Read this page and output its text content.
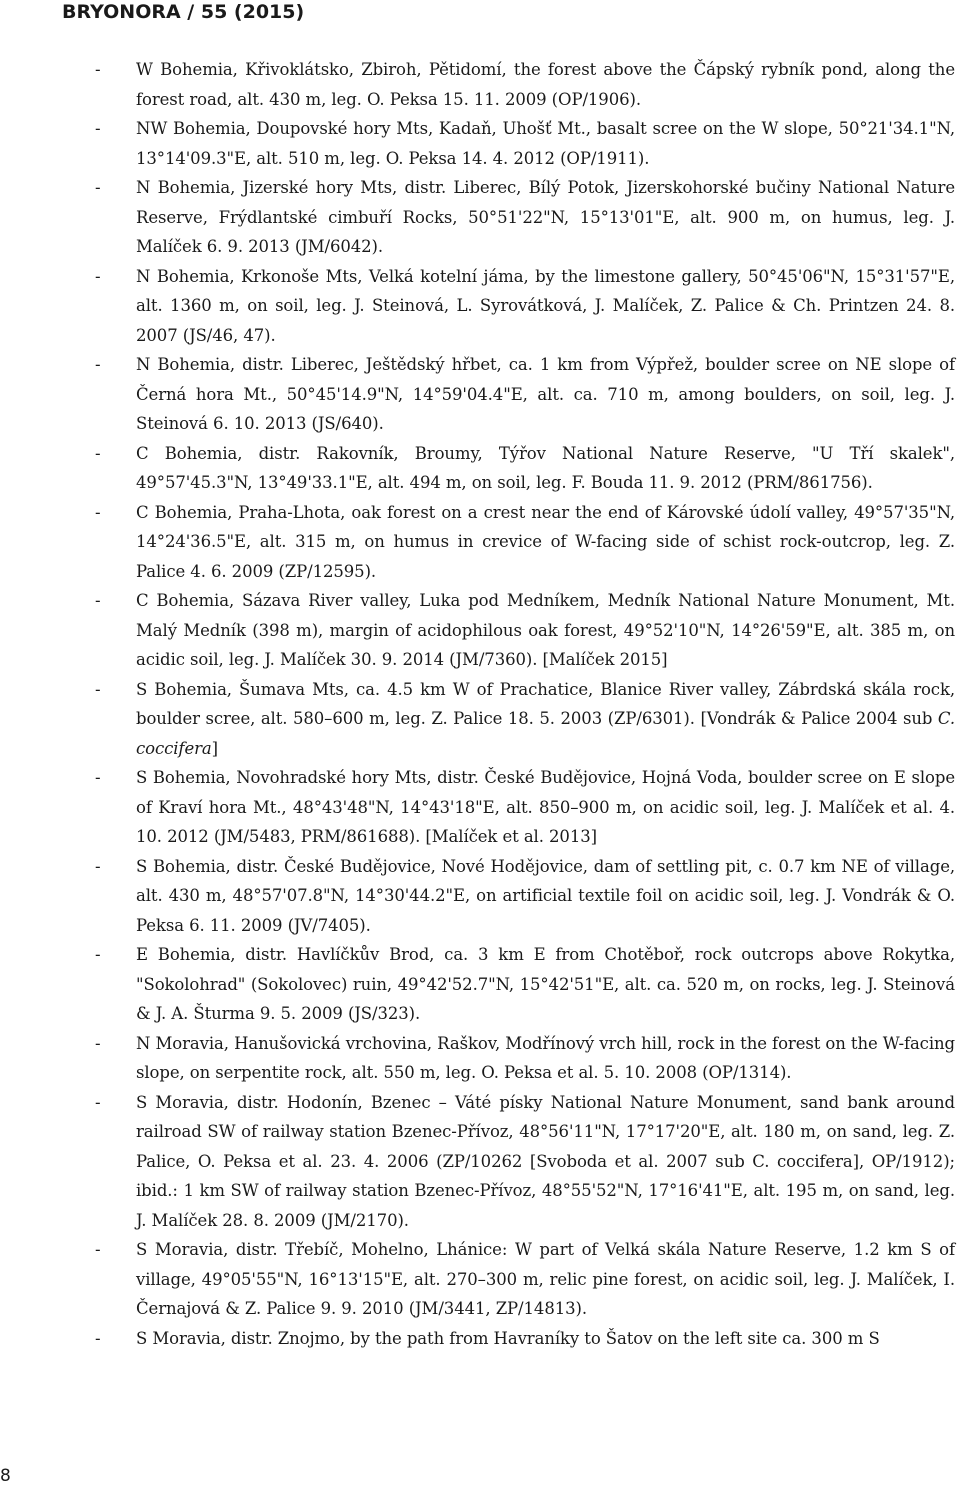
BRYONORA / 55 (2015)
- W Bohemia, Křivoklátsko, Zbiroh, Pětidomí, the forest above the Čápský rybník pond, along the forest road, alt. 430 m, leg. O. Peksa 15. 11. 2009 (OP/1906).
- NW Bohemia, Doupovské hory Mts, Kadaň, Uhošť Mt., basalt scree on the W slope, 50°21'34.1"N, 13°14'09.3"E, alt. 510 m, leg. O. Peksa 14. 4. 2012 (OP/1911).
- N Bohemia, Jizerské hory Mts, distr. Liberec, Bílý Potok, Jizerskohorské bučiny National Nature Reserve, Frýdlantské cimbuří Rocks, 50°51'22"N, 15°13'01"E, alt. 900 m, on humus, leg. J. Malíček 6. 9. 2013 (JM/6042).
- N Bohemia, Krkonoše Mts, Velká kotelní jáma, by the limestone gallery, 50°45'06"N, 15°31'57"E, alt. 1360 m, on soil, leg. J. Steinová, L. Syrovátková, J. Malíček, Z. Palice & Ch. Printzen 24. 8. 2007 (JS/46, 47).
- N Bohemia, distr. Liberec, Ještědský hřbet, ca. 1 km from Výpřež, boulder scree on NE slope of Černá hora Mt., 50°45'14.9"N, 14°59'04.4"E, alt. ca. 710 m, among boulders, on soil, leg. J. Steinová 6. 10. 2013 (JS/640).
- C Bohemia, distr. Rakovník, Broumy, Týřov National Nature Reserve, "U Tří skalek", 49°57'45.3"N, 13°49'33.1"E, alt. 494 m, on soil, leg. F. Bouda 11. 9. 2012 (PRM/861756).
- C Bohemia, Praha-Lhota, oak forest on a crest near the end of Károvské údolí valley, 49°57'35"N, 14°24'36.5"E, alt. 315 m, on humus in crevice of W-facing side of schist rock-outcrop, leg. Z. Palice 4. 6. 2009 (ZP/12595).
- C Bohemia, Sázava River valley, Luka pod Medníkem, Medník National Nature Monument, Mt. Malý Medník (398 m), margin of acidophilous oak forest, 49°52'10"N, 14°26'59"E, alt. 385 m, on acidic soil, leg. J. Malíček 30. 9. 2014 (JM/7360). [Malíček 2015]
- S Bohemia, Šumava Mts, ca. 4.5 km W of Prachatice, Blanice River valley, Zábrdská skála rock, boulder scree, alt. 580–600 m, leg. Z. Palice 18. 5. 2003 (ZP/6301). [Vondrák & Palice 2004 sub C. coccifera]
- S Bohemia, Novohradské hory Mts, distr. České Budějovice, Hojná Voda, boulder scree on E slope of Kraví hora Mt., 48°43'48"N, 14°43'18"E, alt. 850–900 m, on acidic soil, leg. J. Malíček et al. 4. 10. 2012 (JM/5483, PRM/861688). [Malíček et al. 2013]
- S Bohemia, distr. České Budějovice, Nové Hodějovice, dam of settling pit, c. 0.7 km NE of village, alt. 430 m, 48°57'07.8"N, 14°30'44.2"E, on artificial textile foil on acidic soil, leg. J. Vondrák & O. Peksa 6. 11. 2009 (JV/7405).
- E Bohemia, distr. Havlíčkův Brod, ca. 3 km E from Chotěboř, rock outcrops above Rokytka, "Sokolohrad" (Sokolovec) ruin, 49°42'52.7"N, 15°42'51"E, alt. ca. 520 m, on rocks, leg. J. Steinová & J. A. Šturma 9. 5. 2009 (JS/323).
- N Moravia, Hanušovická vrchovina, Raškov, Modřínový vrch hill, rock in the forest on the W-facing slope, on serpentite rock, alt. 550 m, leg. O. Peksa et al. 5. 10. 2008 (OP/1314).
- S Moravia, distr. Hodonín, Bzenec – Váté písky National Nature Monument, sand bank around railroad SW of railway station Bzenec-Přívoz, 48°56'11"N, 17°17'20"E, alt. 180 m, on sand, leg. Z. Palice, O. Peksa et al. 23. 4. 2006 (ZP/10262 [Svoboda et al. 2007 sub C. coccifera], OP/1912); ibid.: 1 km SW of railway station Bzenec-Přívoz, 48°55'52"N, 17°16'41"E, alt. 195 m, on sand, leg. J. Malíček 28. 8. 2009 (JM/2170).
- S Moravia, distr. Třebíč, Mohelno, Lhánice: W part of Velká skála Nature Reserve, 1.2 km S of village, 49°05'55"N, 16°13'15"E, alt. 270–300 m, relic pine forest, on acidic soil, leg. J. Malíček, I. Černajová & Z. Palice 9. 9. 2010 (JM/3441, ZP/14813).
- S Moravia, distr. Znojmo, by the path from Havraníky to Šatov on the left site ca. 300 m S
8
